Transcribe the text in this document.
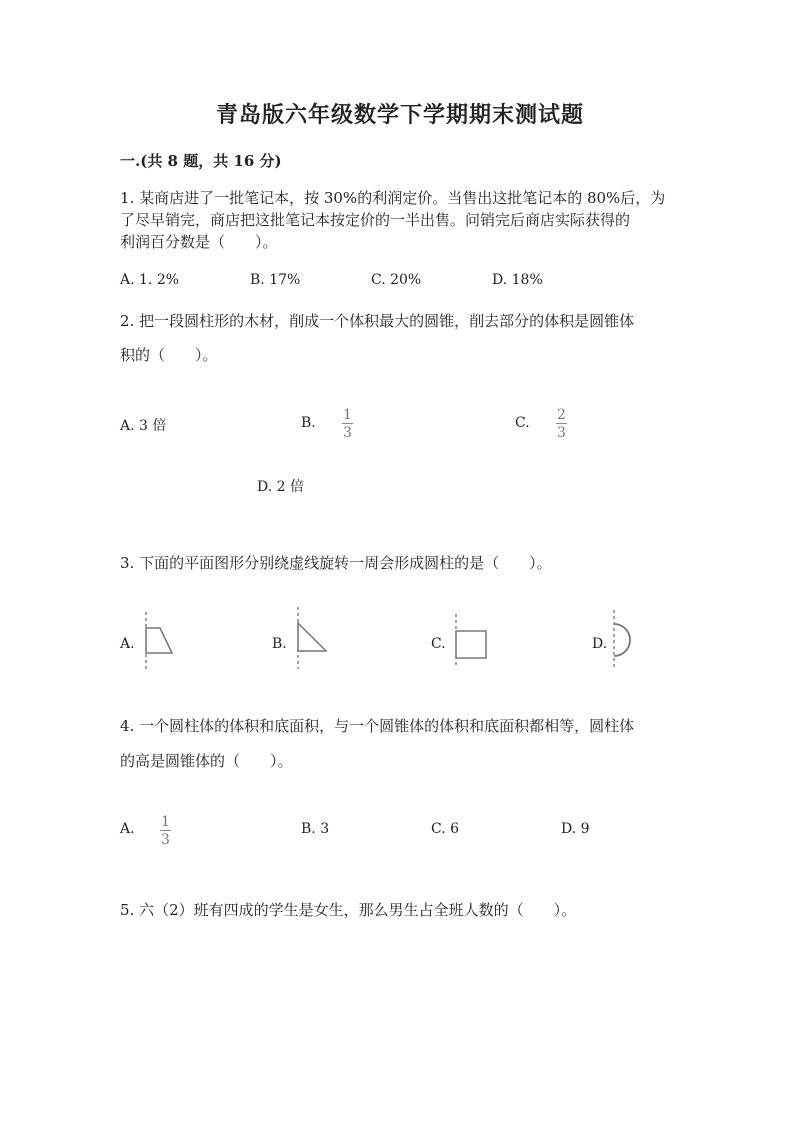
青岛版六年级数学下学期期末测试题
一.(共 8 题，共 16 分)
1. 某商店进了一批笔记本，按 30%的利润定价。当售出这批笔记本的 80%后，为
了尽早销完，商店把这批笔记本按定价的一半出售。问销完后商店实际获得的
利润百分数是（　　）。
A. 1. 2%	B. 17%	C. 20%	D. 18%
2. 把一段圆柱形的木材，削成一个体积最大的圆锥，削去部分的体积是圆锥体
积的（　　）。
A. 3 倍	B. 1
3
C. 2
3
D. 2 倍
3. 下面的平面图形分别绕虚线旋转一周会形成圆柱的是（　　）。
A.	B.	C.	D.
4. 一个圆柱体的体积和底面积，与一个圆锥体的体积和底面积都相等，圆柱体
的高是圆锥体的（　　）。
A. 1
3
B. 3	C. 6	D. 9
5. 六（2）班有四成的学生是女生，那么男生占全班人数的（　　）。
